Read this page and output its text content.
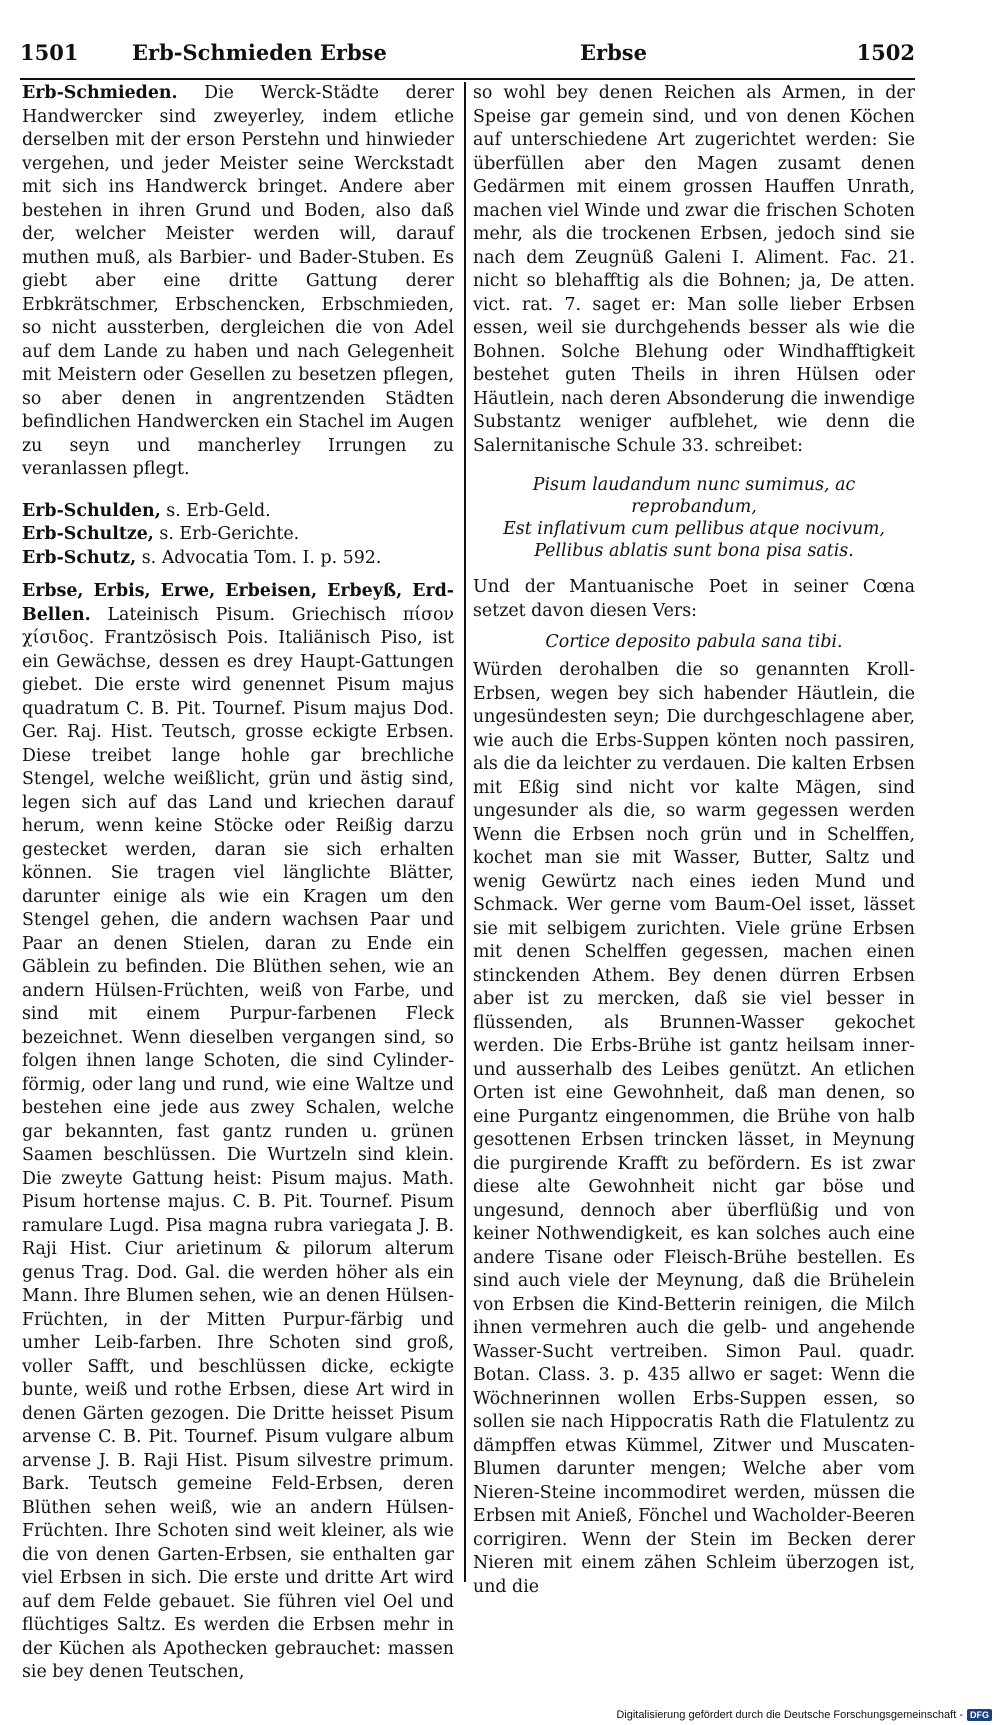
1501	Erb-Schmieden Erbse	Erbse	1502

Erb-Schmieden. Die Werck-Städte derer Handwercker sind zweyerley, indem etliche derselben mit der erson Perstehn und hinwieder vergehen, und jeder Meister seine Werckstadt mit sich ins Handwerck bringet. Andere aber bestehen in ihren Grund und Boden, also daß der, welcher Meister werden will, darauf muthen muß, als Barbier- und Bader-Stuben. Es giebt aber eine dritte Gattung derer Erbkrätschmer, Erbschencken, Erbschmieden, so nicht aussterben, dergleichen die von Adel auf dem Lande zu haben und nach Gelegenheit mit Meistern oder Gesellen zu besetzen pflegen, so aber denen in angrentzenden Städten befindlichen Handwercken ein Stachel im Augen zu seyn und mancherley Irrungen zu veranlassen pflegt.

Erb-Schulden, s. Erb-Geld.

Erb-Schultze, s. Erb-Gerichte.

Erb-Schutz, s. Advocatia Tom. I. p. 592.

Erbse, Erbis, Erwe, Erbeisen, Erbeyß, Erd-Bellen. Lateinisch Pisum. Griechisch πίσον χίσιδος. Frantzösisch Pois. Italiänisch Piso, ist ein Gewächse, dessen es drey Haupt-Gattungen giebet. Die erste wird genennet Pisum majus quadratum C. B. Pit. Tournef. Pisum majus Dod. Ger. Raj. Hist. Teutsch, grosse eckigte Erbsen. Diese treibet lange hohle gar brechliche Stengel, welche weißlicht, grün und ästig sind, legen sich auf das Land und kriechen darauf herum, wenn keine Stöcke oder Reißig darzu gestecket werden, daran sie sich erhalten können. Sie tragen viel länglichte Blätter, darunter einige als wie ein Kragen um den Stengel gehen, die andern wachsen Paar und Paar an denen Stielen, daran zu Ende ein Gäblein zu befinden. Die Blüthen sehen, wie an andern Hülsen-Früchten, weiß von Farbe, und sind mit einem Purpur-farbenen Fleck bezeichnet. Wenn dieselben vergangen sind, so folgen ihnen lange Schoten, die sind Cylinder-förmig, oder lang und rund, wie eine Waltze und bestehen eine jede aus zwey Schalen, welche gar bekannten, fast gantz runden u. grünen Saamen beschlüssen. Die Wurtzeln sind klein. Die zweyte Gattung heist: Pisum majus. Math. Pisum hortense majus. C. B. Pit. Tournef. Pisum ramulare Lugd. Pisa magna rubra variegata J. B. Raji Hist. Ciur arietinum & pilorum alterum genus Trag. Dod. Gal. die werden höher als ein Mann. Ihre Blumen sehen, wie an denen Hülsen-Früchten, in der Mitten Purpur-färbig und umher Leib-farben. Ihre Schoten sind groß, voller Safft, und beschlüssen dicke, eckigte bunte, weiß und rothe Erbsen, diese Art wird in denen Gärten gezogen. Die Dritte heisset Pisum arvense C. B. Pit. Tournef. Pisum vulgare album arvense J. B. Raji Hist. Pisum silvestre primum. Bark. Teutsch gemeine Feld-Erbsen, deren Blüthen sehen weiß, wie an andern Hülsen-Früchten. Ihre Schoten sind weit kleiner, als wie die von denen Garten-Erbsen, sie enthalten gar viel Erbsen in sich. Die erste und dritte Art wird auf dem Felde gebauet. Sie führen viel Oel und flüchtiges Saltz. Es werden die Erbsen mehr in der Küchen als Apothecken gebrauchet: massen sie bey denen Teutschen,

so wohl bey denen Reichen als Armen, in der Speise gar gemein sind, und von denen Köchen auf unterschiedene Art zugerichtet werden: Sie überfüllen aber den Magen zusamt denen Gedärmen mit einem grossen Hauffen Unrath, machen viel Winde und zwar die frischen Schoten mehr, als die trockenen Erbsen, jedoch sind sie nach dem Zeugnüß Galeni I. Aliment. Fac. 21. nicht so blehafftig als die Bohnen; ja, De atten. vict. rat. 7. saget er: Man solle lieber Erbsen essen, weil sie durchgehends besser als wie die Bohnen. Solche Blehung oder Windhafftigkeit bestehet guten Theils in ihren Hülsen oder Häutlein, nach deren Absonderung die inwendige Substantz weniger aufblehet, wie denn die Salernitanische Schule 33. schreibet:

Pisum laudandum nunc sumimus, ac reprobandum,
Est inflativum cum pellibus atque nocivum,
Pellibus ablatis sunt bona pisa satis.

Und der Mantuanische Poet in seiner Cœna setzet davon diesen Vers:

Cortice deposito pabula sana tibi.

Würden derohalben die so genannten Kroll-Erbsen, wegen bey sich habender Häutlein, die ungesündesten seyn; Die durchgeschlagene aber, wie auch die Erbs-Suppen könten noch passiren, als die da leichter zu verdauen. Die kalten Erbsen mit Eßig sind nicht vor kalte Mägen, sind ungesunder als die, so warm gegessen werden Wenn die Erbsen noch grün und in Schelffen, kochet man sie mit Wasser, Butter, Saltz und wenig Gewürtz nach eines ieden Mund und Schmack. Wer gerne vom Baum-Oel isset, lässet sie mit selbigem zurichten. Viele grüne Erbsen mit denen Schelffen gegessen, machen einen stinckenden Athem. Bey denen dürren Erbsen aber ist zu mercken, daß sie viel besser in flüssenden, als Brunnen-Wasser gekochet werden. Die Erbs-Brühe ist gantz heilsam inner- und ausserhalb des Leibes genützt. An etlichen Orten ist eine Gewohnheit, daß man denen, so eine Purgantz eingenommen, die Brühe von halb gesottenen Erbsen trincken lässet, in Meynung die purgirende Krafft zu befördern. Es ist zwar diese alte Gewohnheit nicht gar böse und ungesund, dennoch aber überflüßig und von keiner Nothwendigkeit, es kan solches auch eine andere Tisane oder Fleisch-Brühe bestellen. Es sind auch viele der Meynung, daß die Brühelein von Erbsen die Kind-Betterin reinigen, die Milch ihnen vermehren auch die gelb- und angehende Wasser-Sucht vertreiben. Simon Paul. quadr. Botan. Class. 3. p. 435 allwo er saget: Wenn die Wöchnerinnen wollen Erbs-Suppen essen, so sollen sie nach Hippocratis Rath die Flatulentz zu dämpffen etwas Kümmel, Zitwer und Muscaten-Blumen darunter mengen; Welche aber vom Nieren-Steine incommodiret werden, müssen die Erbsen mit Anieß, Fönchel und Wacholder-Beeren corrigiren. Wenn der Stein im Becken derer Nieren mit einem zähen Schleim überzogen ist, und die

Digitalisierung gefördert durch die Deutsche Forschungsgemeinschaft - DFG
